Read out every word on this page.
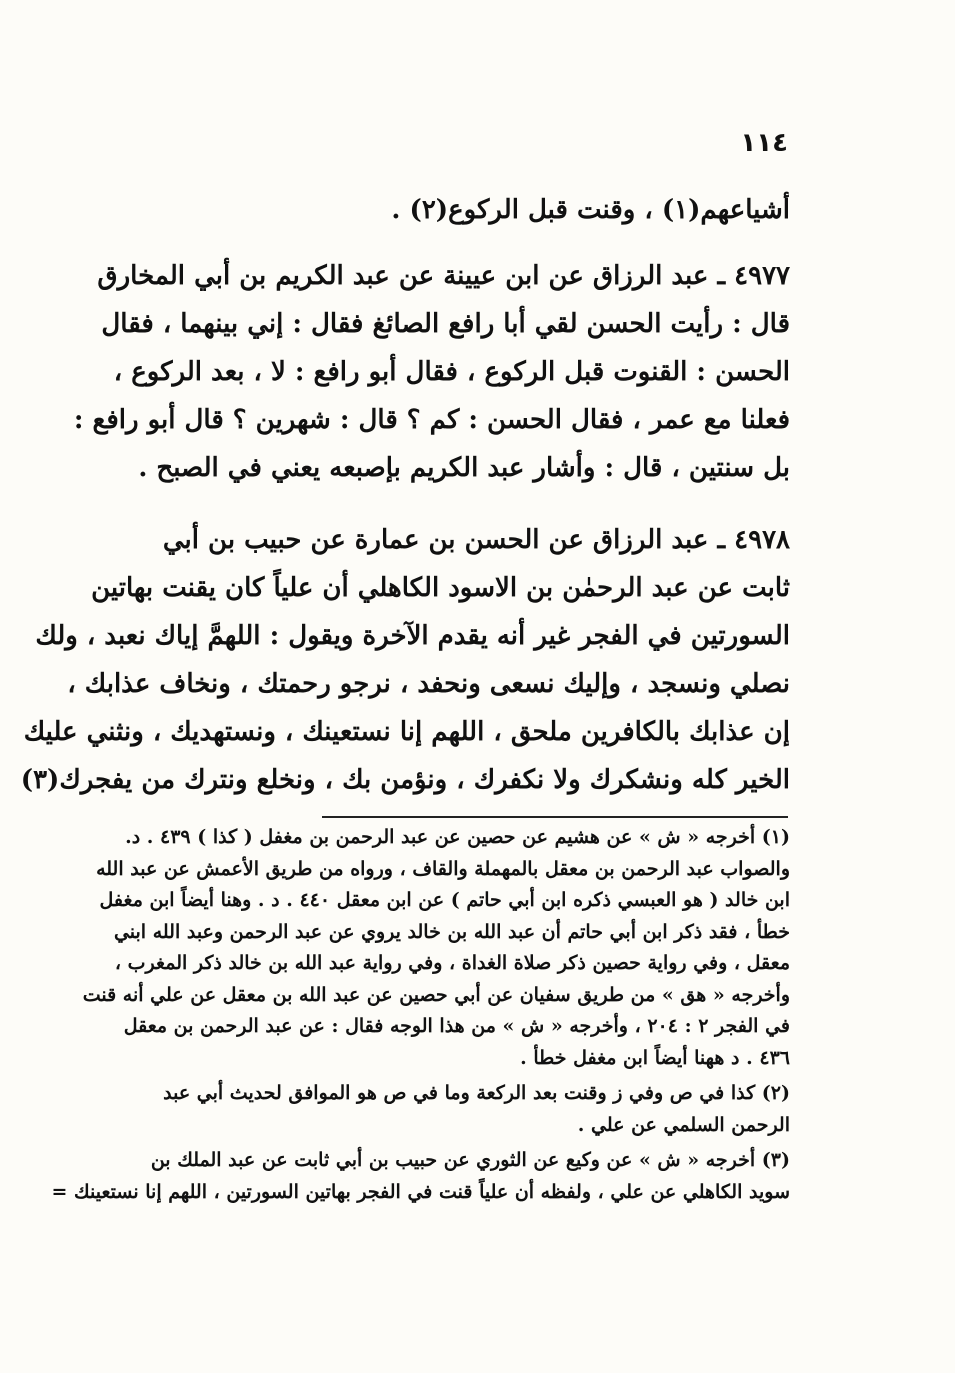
١١٤
أشياعهم(١) ، وقنت قبل الركوع(٢) .
٤٩٧٧ ـ عبد الرزاق عن ابن عيينة عن عبد الكريم بن أبي المخارق
قال : رأيت الحسن لقي أبا رافع الصائغ فقال : إني بينهما ، فقال
الحسن : القنوت قبل الركوع ، فقال أبو رافع : لا ، بعد الركوع ،
فعلنا مع عمر ، فقال الحسن : كم ؟ قال : شهرين ؟ قال أبو رافع :
بل سنتين ، قال : وأشار عبد الكريم بإصبعه يعني في الصبح .
٤٩٧٨ ـ عبد الرزاق عن الحسن بن عمارة عن حبيب بن أبي
ثابت عن عبد الرحمٰن بن الاسود الكاهلي أن علياً كان يقنت بهاتين
السورتين في الفجر غير أنه يقدم الآخرة ويقول : اللهمَّ إياك نعبد ، ولك
نصلي ونسجد ، وإليك نسعى ونحفد ، نرجو رحمتك ، ونخاف عذابك ،
إن عذابك بالكافرين ملحق ، اللهم إنا نستعينك ، ونستهديك ، ونثني عليك
الخير كله ونشكرك ولا نكفرك ، ونؤمن بك ، ونخلع ونترك من يفجرك(٣)
(١) أخرجه « ش » عن هشيم عن حصين عن عبد الرحمن بن مغفل ( كذا ) ٤٣٩ . د.
والصواب عبد الرحمن بن معقل بالمهملة والقاف ، ورواه من طريق الأعمش عن عبد الله
ابن خالد ( هو العبسي ذكره ابن أبي حاتم ) عن ابن معقل ٤٤٠ . د . وهنا أيضاً ابن مغفل
خطأ ، فقد ذكر ابن أبي حاتم أن عبد الله بن خالد يروي عن عبد الرحمن وعبد الله ابني
معقل ، وفي رواية حصين ذكر صلاة الغداة ، وفي رواية عبد الله بن خالد ذكر المغرب ،
وأخرجه « هق » من طريق سفيان عن أبي حصين عن عبد الله بن معقل عن علي أنه قنت
في الفجر ٢ : ٢٠٤ ، وأخرجه « ش » من هذا الوجه فقال : عن عبد الرحمن بن معقل
٤٣٦ . د ههنا أيضاً ابن مغفل خطأ .
(٢) كذا في ص وفي ز وقنت بعد الركعة وما في ص هو الموافق لحديث أبي عبد
الرحمن السلمي عن علي .
(٣) أخرجه « ش » عن وكيع عن الثوري عن حبيب بن أبي ثابت عن عبد الملك بن
سويد الكاهلي عن علي ، ولفظه أن علياً قنت في الفجر بهاتين السورتين ، اللهم إنا نستعينك =
